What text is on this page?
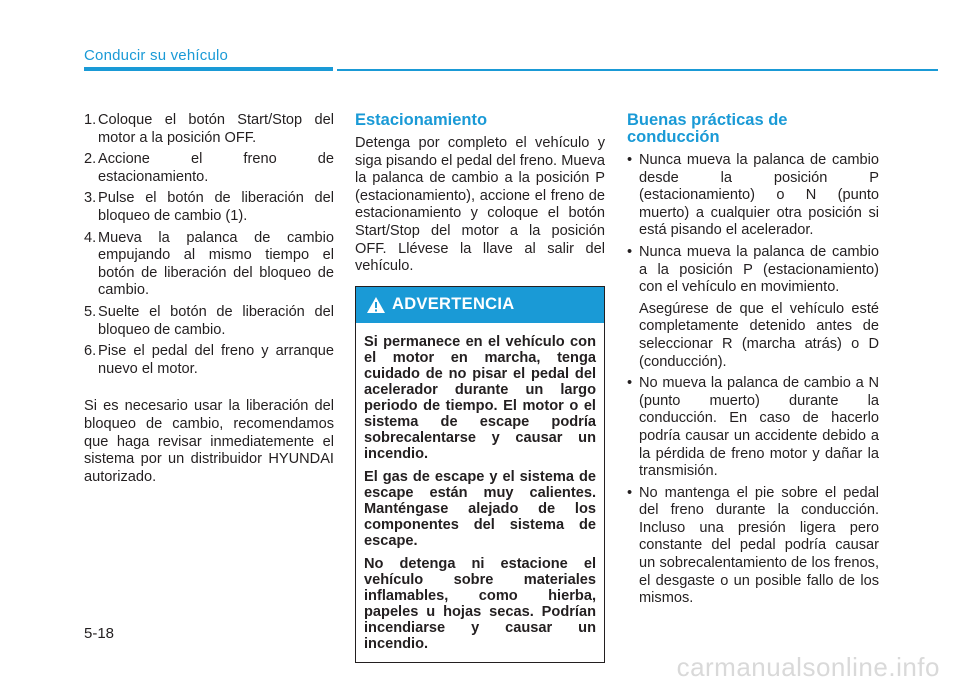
Conducir su vehículo
1. Coloque el botón Start/Stop del motor a la posición OFF.
2. Accione el freno de estacionamiento.
3. Pulse el botón de liberación del bloqueo de cambio (1).
4. Mueva la palanca de cambio empujando al mismo tiempo el botón de liberación del bloqueo de cambio.
5. Suelte el botón de liberación del bloqueo de cambio.
6. Pise el pedal del freno y arranque nuevo el motor.

Si es necesario usar la liberación del bloqueo de cambio, recomendamos que haga revisar inmediatemente el sistema por un distribuidor HYUNDAI autorizado.

Estacionamiento

Detenga por completo el vehículo y siga pisando el pedal del freno. Mueva la palanca de cambio a la posición P (estacionamiento), accione el freno de estacionamiento y coloque el botón Start/Stop del motor a la posición OFF. Llévese la llave al salir del vehículo.

ADVERTENCIA

Si permanece en el vehículo con el motor en marcha, tenga cuidado de no pisar el pedal del acelerador durante un largo periodo de tiempo. El motor o el sistema de escape podría sobrecalentarse y causar un incendio.

El gas de escape y el sistema de escape están muy calientes. Manténgase alejado de los componentes del sistema de escape.

No detenga ni estacione el vehículo sobre materiales inflamables, como hierba, papeles u hojas secas. Podrían incendiarse y causar un incendio.

Buenas prácticas de conducción
• Nunca mueva la palanca de cambio desde la posición P (estacionamiento) o N (punto muerto) a cualquier otra posición si está pisando el acelerador.
• Nunca mueva la palanca de cambio a la posición P (estacionamiento) con el vehículo en movimiento.

Asegúrese de que el vehículo esté completamente detenido antes de seleccionar R (marcha atrás) o D (conducción).

• No mueva la palanca de cambio a N (punto muerto) durante la conducción. En caso de hacerlo podría causar un accidente debido a la pérdida de freno motor y dañar la transmisión.
• No mantenga el pie sobre el pedal del freno durante la conducción. Incluso una presión ligera pero constante del pedal podría causar un sobrecalentamiento de los frenos, el desgaste o un posible fallo de los mismos.
5-18
carmanualsonline.info
